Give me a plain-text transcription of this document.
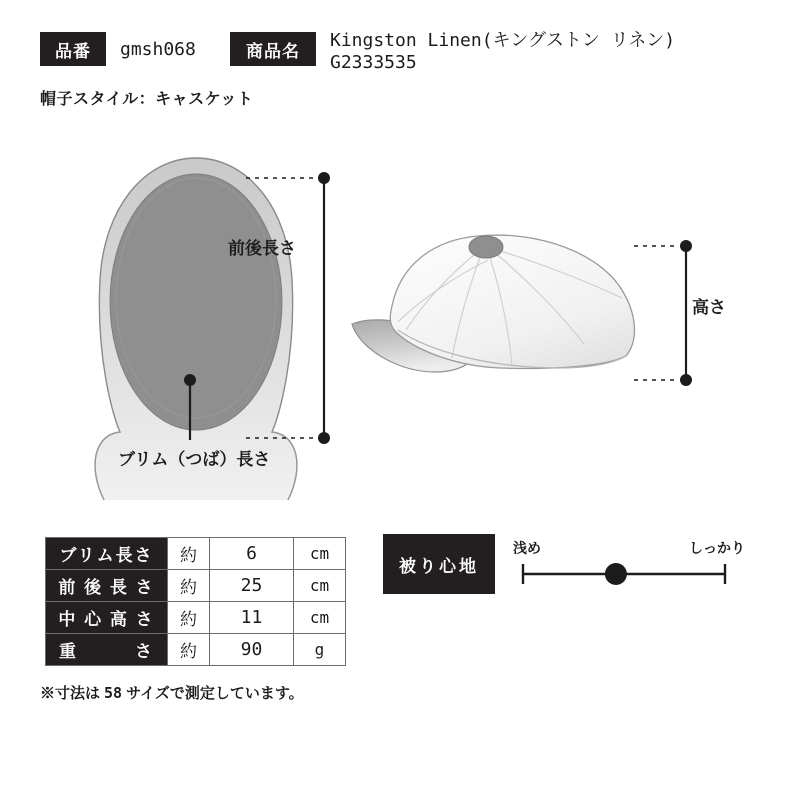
品番	gmsh068	商品名
Kingston Linen(キングストン リネン) G2333535
帽子スタイル：キャスケット
前後長さ
ブリム（つば）長さ
高さ
ブリム長さ	約	6	cm
前 後 長 さ	約	25	cm
中 心 高 さ	約	11	cm
重　　　さ	約	90	g
※寸法は 58 サイズで測定しています。
被り心地
浅め	しっかり
